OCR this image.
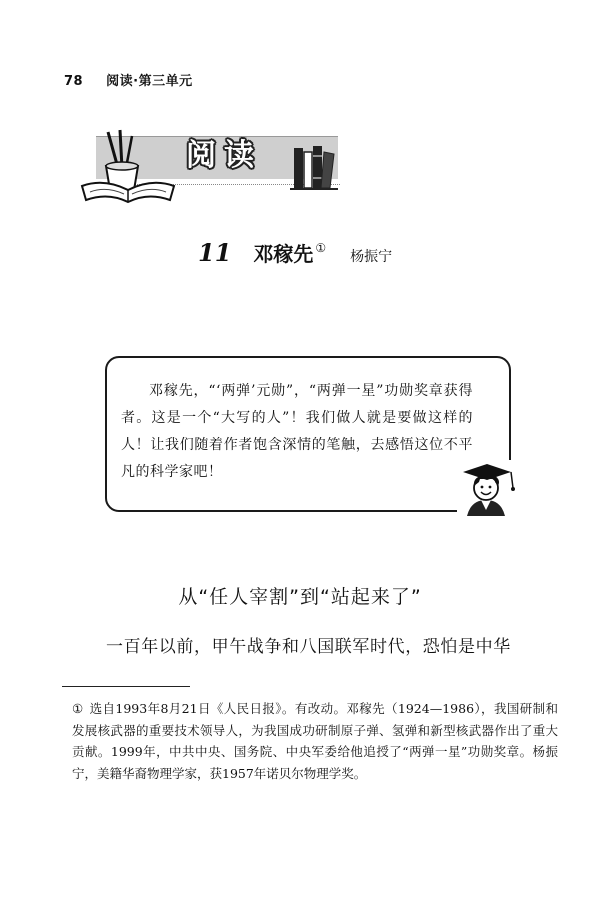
78 阅读·第三单元
阅读
11 邓稼先 ①
杨振宁
邓稼先，“‘两弹’元勋”，“两弹一星”功勋奖章获得者。这是一个“大写的人”！我们做人就是要做这样的人！让我们随着作者饱含深情的笔触，去感悟这位不平凡的科学家吧！
从“任人宰割”到“站起来了”
一百年以前，甲午战争和八国联军时代，恐怕是中华
① 选自1993年8月21日《人民日报》。有改动。邓稼先（1924—1986），我国研制和发展核武器的重要技术领导人，为我国成功研制原子弹、氢弹和新型核武器作出了重大贡献。1999年，中共中央、国务院、中央军委给他追授了“两弹一星”功勋奖章。杨振宁，美籍华裔物理学家，获1957年诺贝尔物理学奖。
